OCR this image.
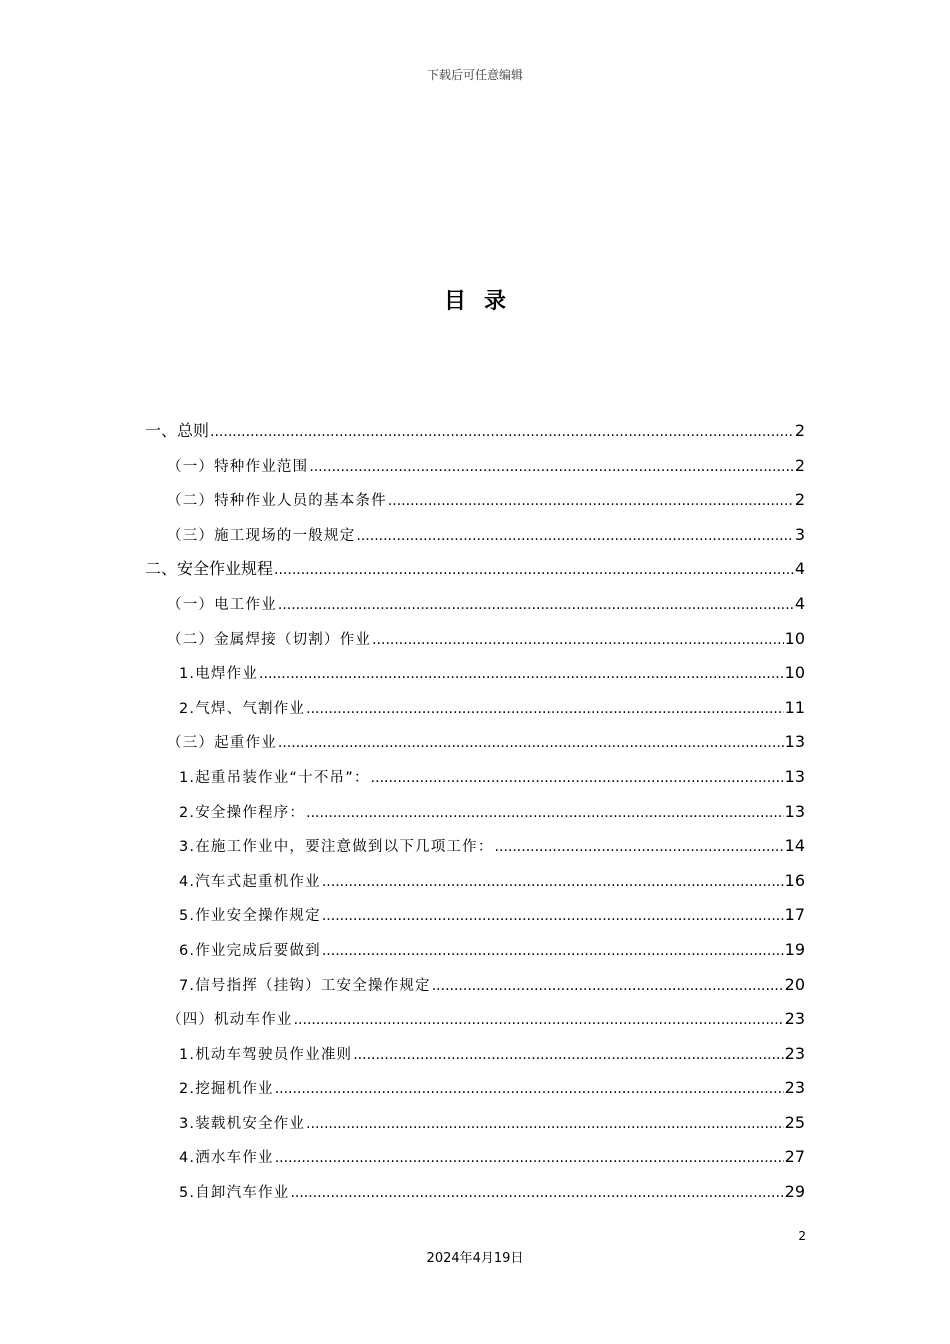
下载后可任意编辑
目录
一、总则 .....	2
（一）特种作业范围 .....	2
（二）特种作业人员的基本条件 .....	2
（三）施工现场的一般规定 .....	3
二、安全作业规程 .....	4
（一）电工作业 .....	4
（二）金属焊接（切割）作业 .....	10
1.电焊作业 .....	10
2.气焊、气割作业 .....	11
（三）起重作业 .....	13
1.起重吊装作业“十不吊”： .....	13
2.安全操作程序： .....	13
3.在施工作业中，要注意做到以下几项工作： .....	14
4.汽车式起重机作业 .....	16
5.作业安全操作规定 .....	17
6.作业完成后要做到 .....	19
7.信号指挥（挂钩）工安全操作规定 .....	20
（四）机动车作业 .....	23
1.机动车驾驶员作业准则 .....	23
2.挖掘机作业 .....	23
3.装载机安全作业 .....	25
4.洒水车作业 .....	27
5.自卸汽车作业 .....	29
2
2024年4月19日
